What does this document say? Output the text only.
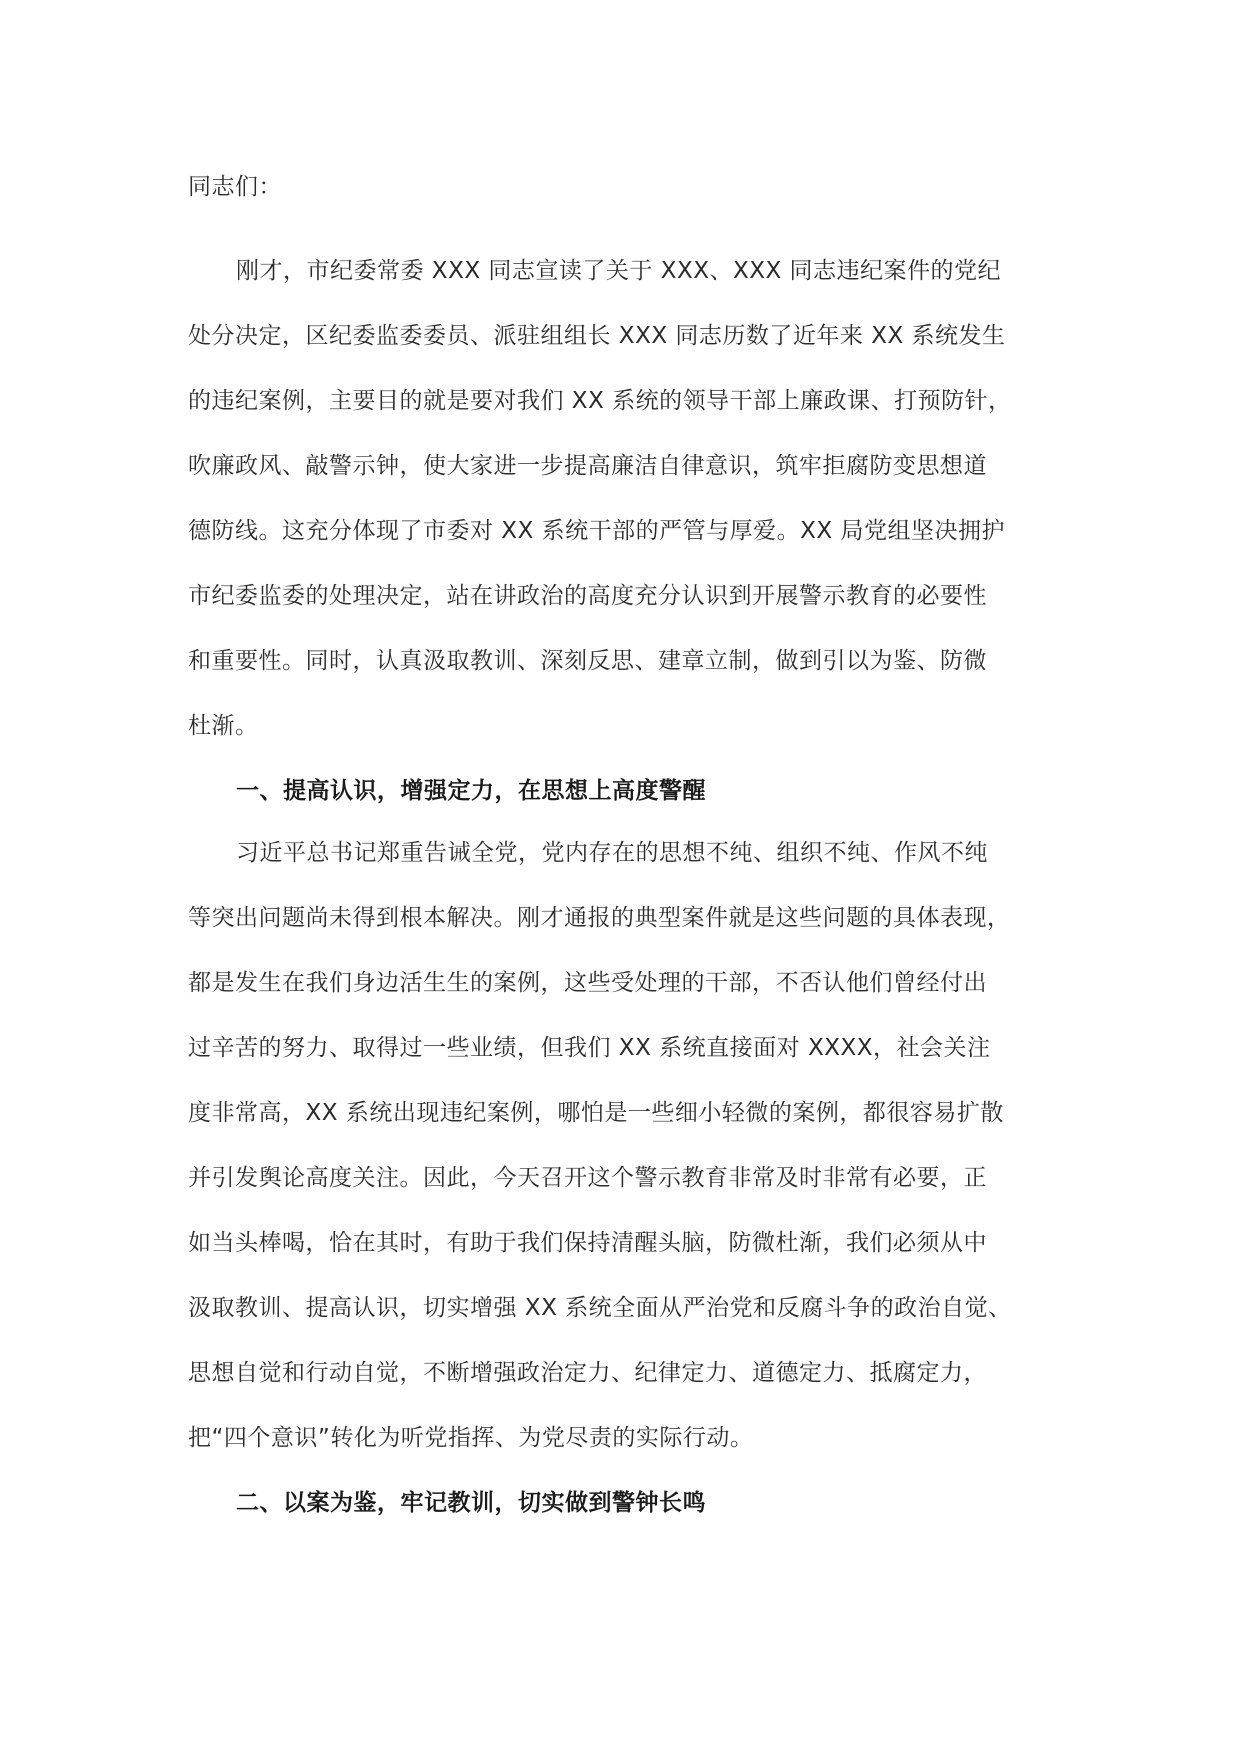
同志们：
刚才，市纪委常委 XXX 同志宣读了关于 XXX、XXX 同志违纪案件的党纪
处分决定，区纪委监委委员、派驻组组长 XXX 同志历数了近年来 XX 系统发生
的违纪案例，主要目的就是要对我们 XX 系统的领导干部上廉政课、打预防针，
吹廉政风、敲警示钟，使大家进一步提高廉洁自律意识，筑牢拒腐防变思想道
德防线。这充分体现了市委对 XX 系统干部的严管与厚爱。XX 局党组坚决拥护
市纪委监委的处理决定，站在讲政治的高度充分认识到开展警示教育的必要性
和重要性。同时，认真汲取教训、深刻反思、建章立制，做到引以为鉴、防微
杜渐。
一、提高认识，增强定力，在思想上高度警醒
习近平总书记郑重告诫全党，党内存在的思想不纯、组织不纯、作风不纯
等突出问题尚未得到根本解决。刚才通报的典型案件就是这些问题的具体表现，
都是发生在我们身边活生生的案例，这些受处理的干部，不否认他们曾经付出
过辛苦的努力、取得过一些业绩，但我们 XX 系统直接面对 XXXX，社会关注
度非常高，XX 系统出现违纪案例，哪怕是一些细小轻微的案例，都很容易扩散
并引发舆论高度关注。因此，今天召开这个警示教育非常及时非常有必要，正
如当头棒喝，恰在其时，有助于我们保持清醒头脑，防微杜渐，我们必须从中
汲取教训、提高认识，切实增强 XX 系统全面从严治党和反腐斗争的政治自觉、
思想自觉和行动自觉，不断增强政治定力、纪律定力、道德定力、抵腐定力，
把“四个意识”转化为听党指挥、为党尽责的实际行动。
二、以案为鉴，牢记教训，切实做到警钟长鸣
